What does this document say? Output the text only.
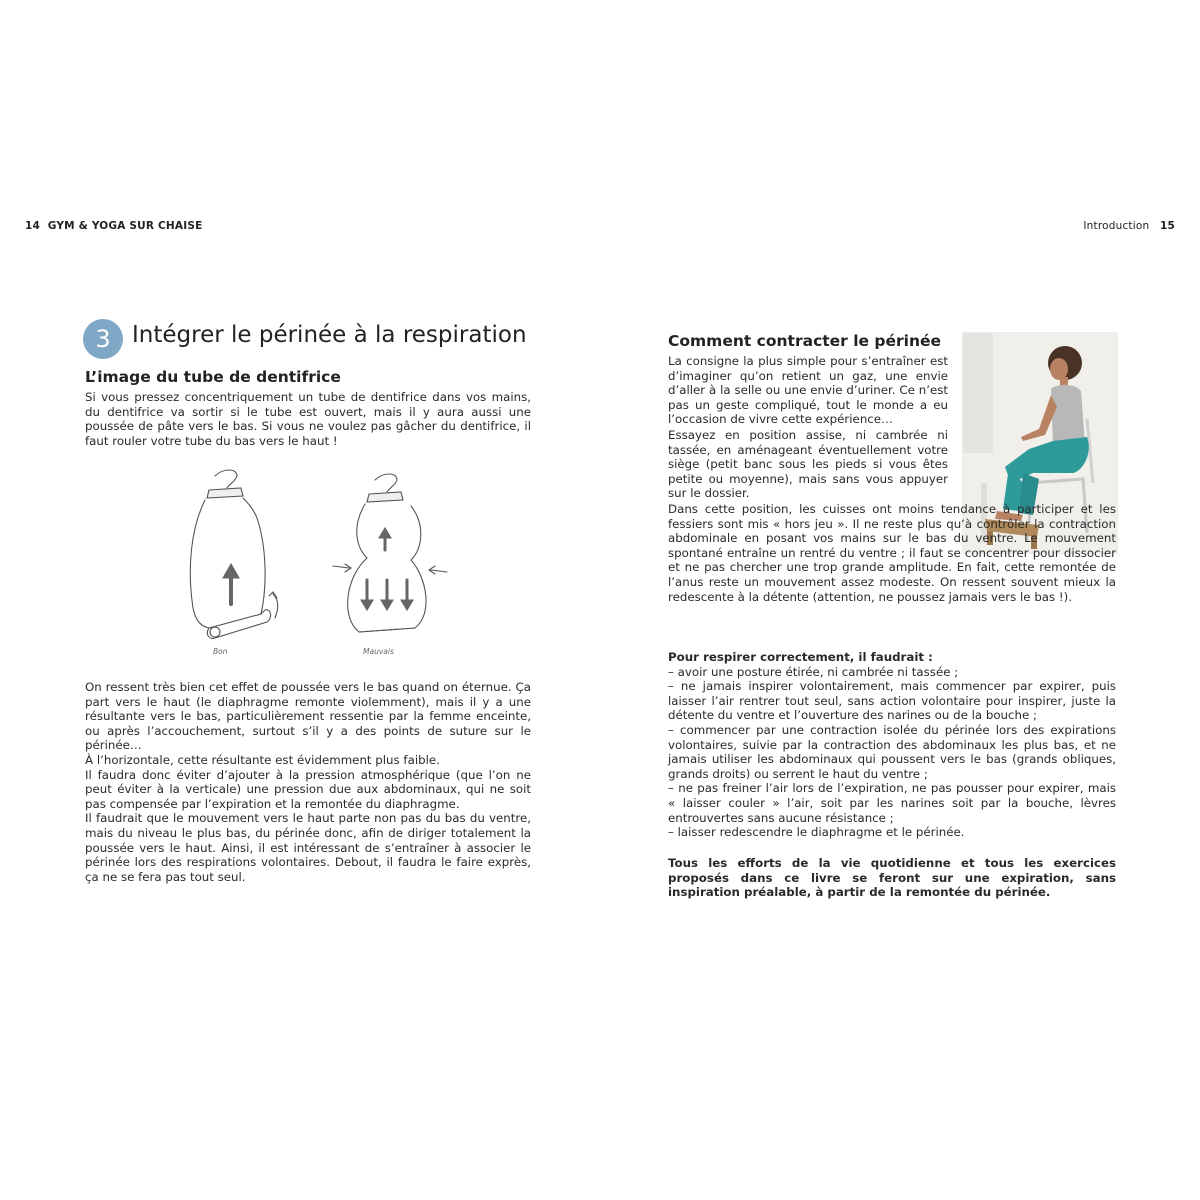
14 GYM & YOGA SUR CHAISE	Introduction 15
3 Intégrer le périnée à la respiration
L’image du tube de dentifrice
Si vous pressez concentriquement un tube de dentifrice dans vos mains, du dentifrice va sortir si le tube est ouvert, mais il y aura aussi une poussée de pâte vers le bas. Si vous ne voulez pas gâcher du dentifrice, il faut rouler votre tube du bas vers le haut !
Bon	Mauvais

On ressent très bien cet effet de poussée vers le bas quand on éternue. Ça part vers le haut (le diaphragme remonte violemment), mais il y a une résultante vers le bas, particulièrement ressentie par la femme enceinte, ou après l’accouchement, surtout s’il y a des points de suture sur le périnée…

À l’horizontale, cette résultante est évidemment plus faible.

Il faudra donc éviter d’ajouter à la pression atmosphérique (que l’on ne peut éviter à la verticale) une pression due aux abdominaux, qui ne soit pas compensée par l’expiration et la remontée du diaphragme.

Il faudrait que le mouvement vers le haut parte non pas du bas du ventre, mais du niveau le plus bas, du périnée donc, afin de diriger totalement la poussée vers le haut. Ainsi, il est intéressant de s’entraîner à associer le périnée lors des respirations volontaires. Debout, il faudra le faire exprès, ça ne se fera pas tout seul.

Comment contracter le périnée
La consigne la plus simple pour s’entraîner est d’imaginer qu’on retient un gaz, une envie d’aller à la selle ou une envie d’uriner. Ce n’est pas un geste compliqué, tout le monde a eu l’occasion de vivre cette expérience…
Essayez en position assise, ni cambrée ni tassée, en aménageant éventuellement votre siège (petit banc sous les pieds si vous êtes petite ou moyenne), mais sans vous appuyer sur le dossier.
Dans cette position, les cuisses ont moins tendance à participer et les fessiers sont mis « hors jeu ». Il ne reste plus qu’à contrôler la contraction abdominale en posant vos mains sur le bas du ventre. Le mouvement spontané entraîne un rentré du ventre ; il faut se concentrer pour dissocier et ne pas chercher une trop grande amplitude. En fait, cette remontée de l’anus reste un mouvement assez modeste. On ressent souvent mieux la redescente à la détente (attention, ne poussez jamais vers le bas !).

Pour respirer correctement, il faudrait :

– avoir une posture étirée, ni cambrée ni tassée ;

– ne jamais inspirer volontairement, mais commencer par expirer, puis laisser l’air rentrer tout seul, sans action volontaire pour inspirer, juste la détente du ventre et l’ouverture des narines ou de la bouche ;

– commencer par une contraction isolée du périnée lors des expirations volontaires, suivie par la contraction des abdominaux les plus bas, et ne jamais utiliser les abdominaux qui poussent vers le bas (grands obliques, grands droits) ou serrent le haut du ventre ;

– ne pas freiner l’air lors de l’expiration, ne pas pousser pour expirer, mais « laisser couler » l’air, soit par les narines soit par la bouche, lèvres entrouvertes sans aucune résistance ;

– laisser redescendre le diaphragme et le périnée.

Tous les efforts de la vie quotidienne et tous les exercices proposés dans ce livre se feront sur une expiration, sans inspiration préalable, à partir de la remontée du périnée.
